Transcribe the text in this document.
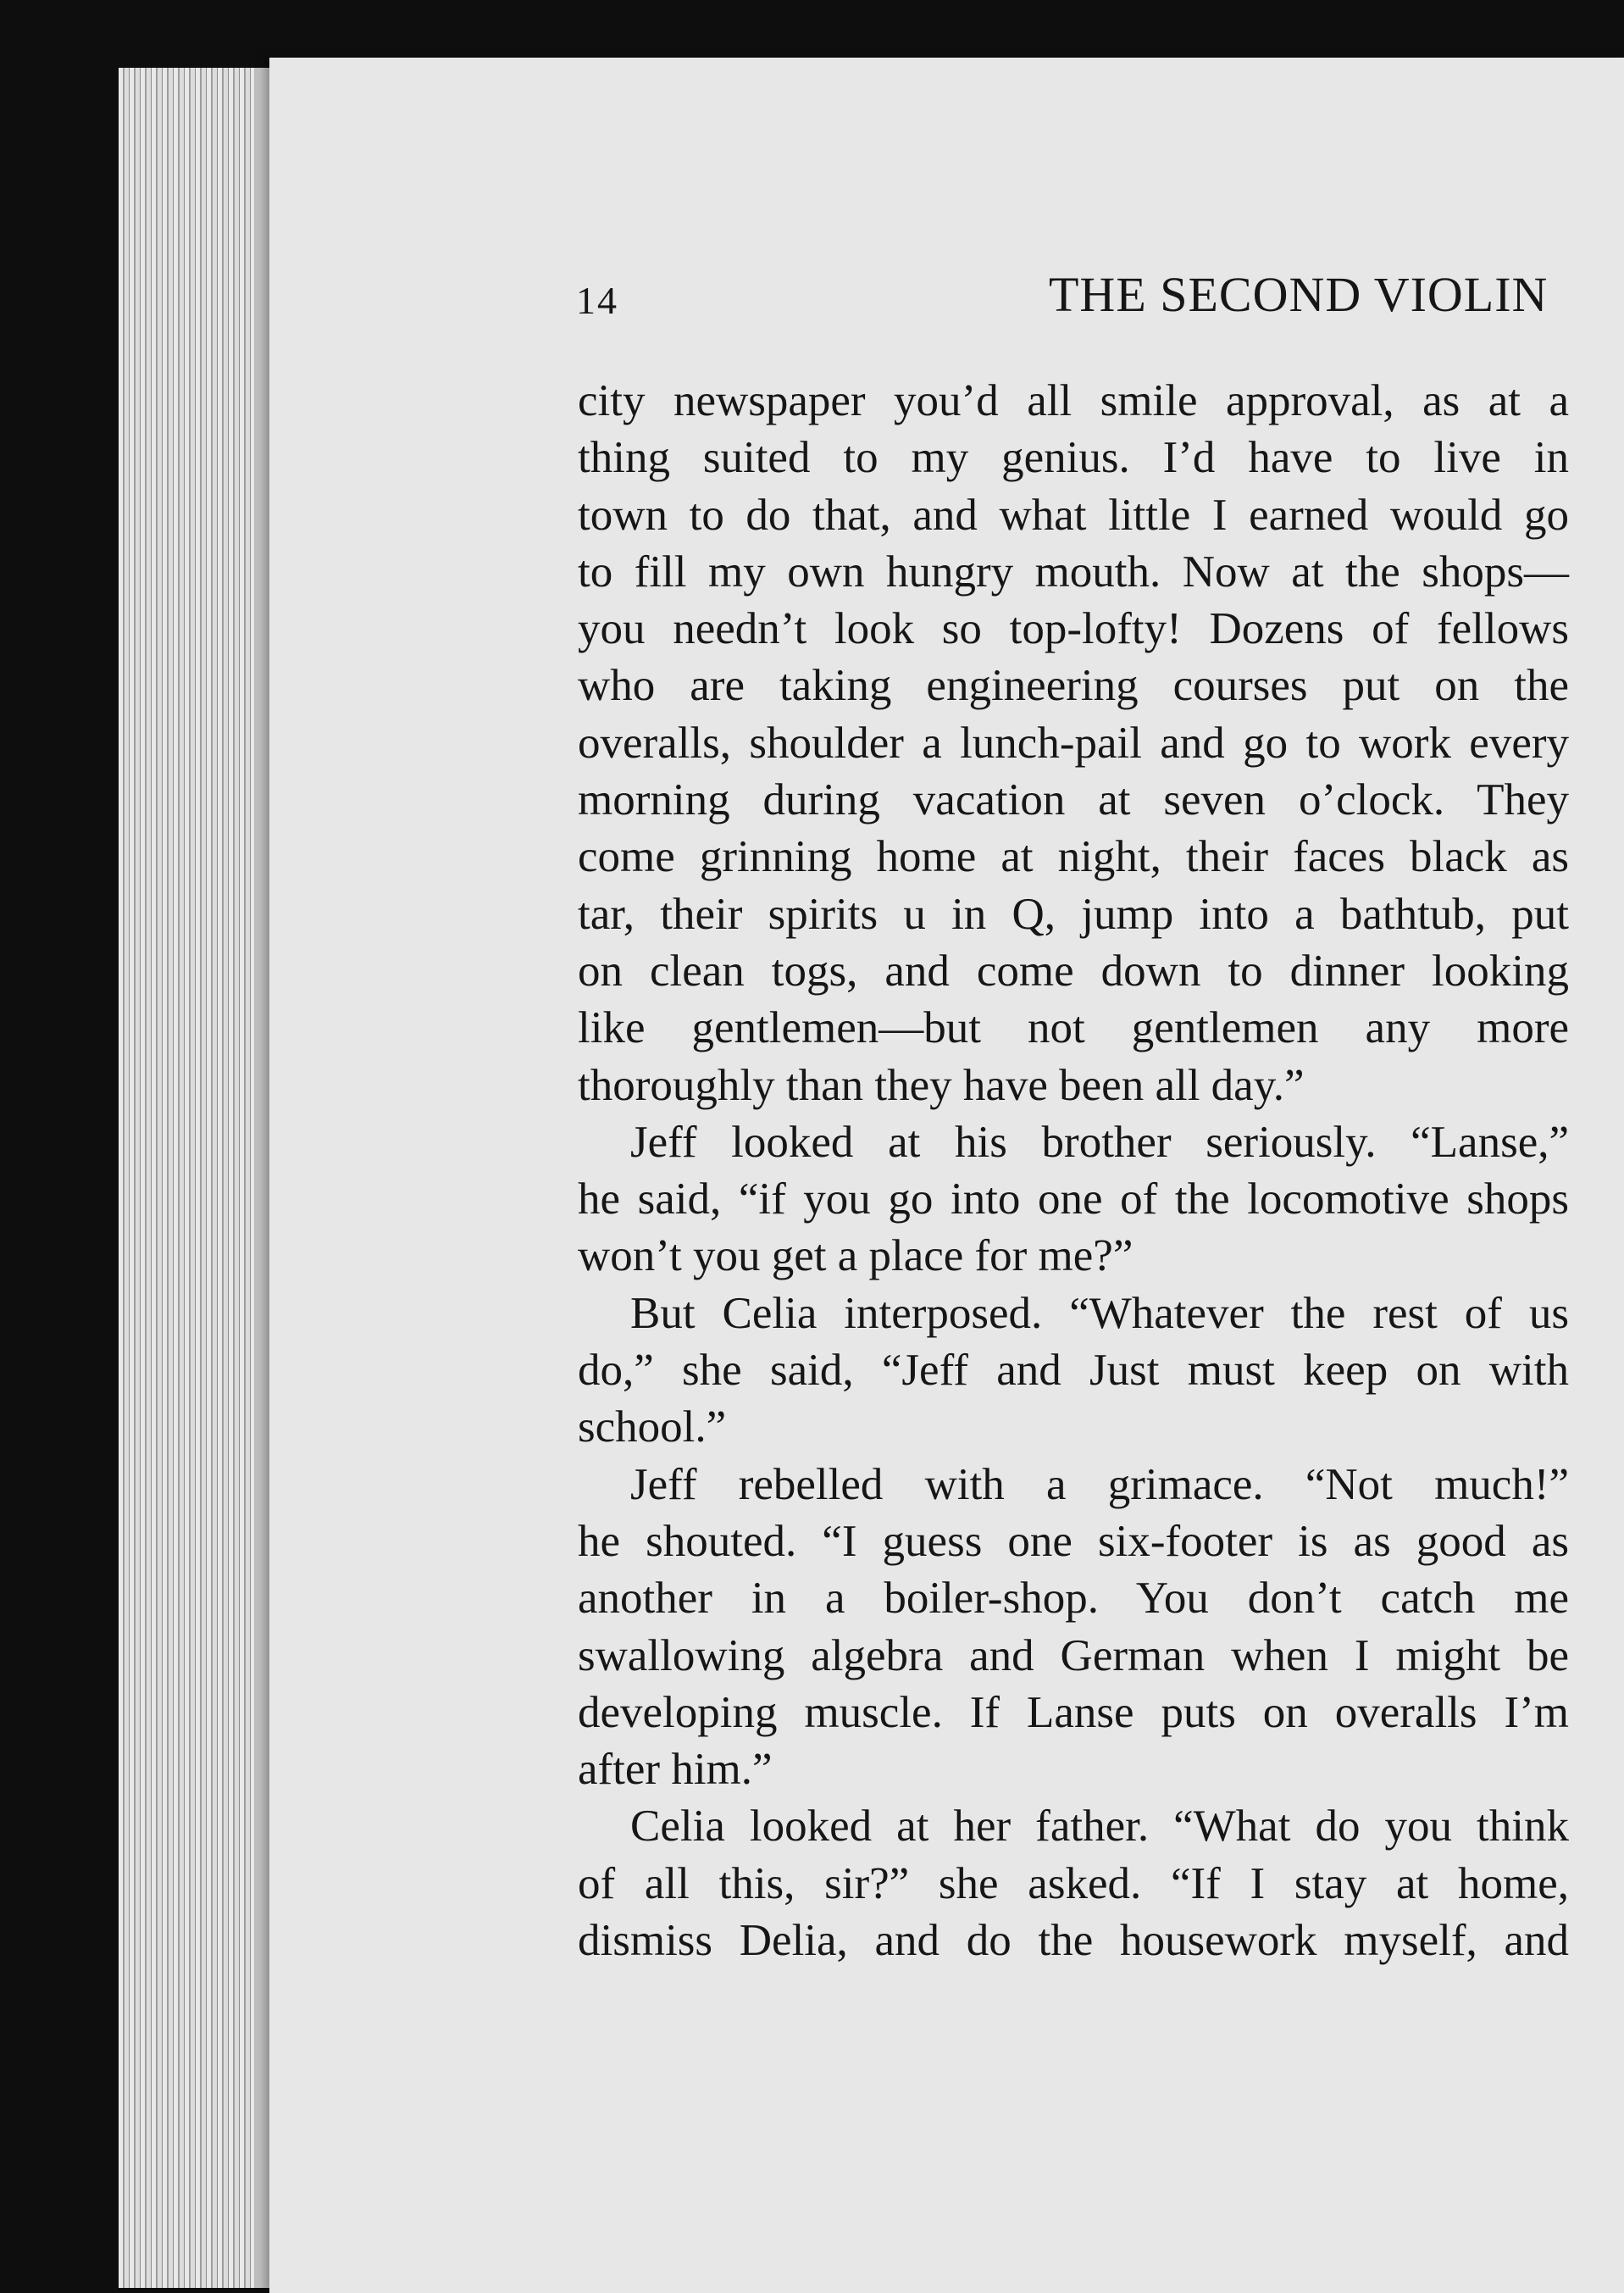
14	THE SECOND VIOLIN
city newspaper you’d all smile approval, as at a
thing suited to my genius. I’d have to live in
town to do that, and what little I earned would go
to fill my own hungry mouth. Now at the shops—
you needn’t look so top-lofty! Dozens of fellows
who are taking engineering courses put on the
overalls, shoulder a lunch-pail and go to work every
morning during vacation at seven o’clock. They
come grinning home at night, their faces black as
tar, their spirits u in Q, jump into a bathtub, put
on clean togs, and come down to dinner looking
like gentlemen—but not gentlemen any more
thoroughly than they have been all day.”
Jeff looked at his brother seriously. “Lanse,”
he said, “if you go into one of the locomotive shops
won’t you get a place for me?”
But Celia interposed. “Whatever the rest of us
do,” she said, “Jeff and Just must keep on with
school.”
Jeff rebelled with a grimace. “Not much!”
he shouted. “I guess one six-footer is as good as
another in a boiler-shop. You don’t catch me
swallowing algebra and German when I might be
developing muscle. If Lanse puts on overalls I’m
after him.”
Celia looked at her father. “What do you think
of all this, sir?” she asked. “If I stay at home,
dismiss Delia, and do the housework myself, and
